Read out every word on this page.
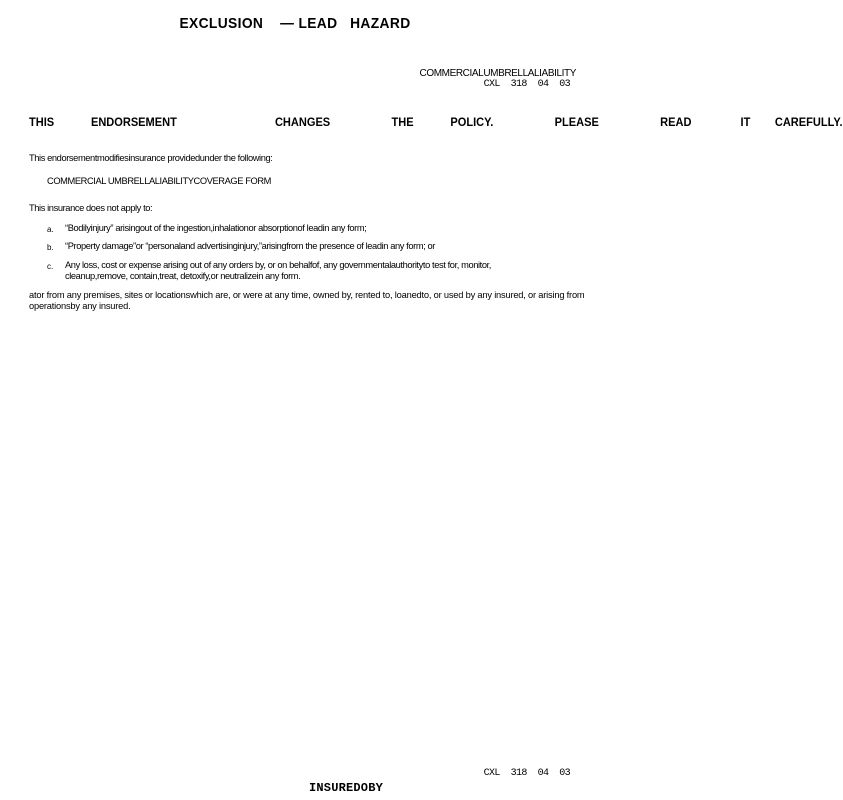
EXCLUSION    — LEAD   HAZARD
COMMERCIALUMBRELLALIABILITY
CXL  318  04  03
THIS   ENDORSEMENT        CHANGES     THE   POLICY.     PLEASE     READ    IT  CAREFULLY.
This endorsementmodifiesinsurance providedunder the following:
COMMERCIAL UMBRELLALIABILITYCOVERAGE FORM
This insurance does not apply to:
a. “Bodilyinjury” arisingout of the ingestion,inhalationor absorptionof leadin any form;
b. “Property damage”or “personaland advertisinginjury,”arisingfrom the presence of leadin any form; or
c. Any loss, cost or expense arising out of any orders by, or on behalfof, any governmentalauthorityto test for, monitor,
cleanup,remove, contain,treat, detoxify,or neutralizein any form.
ator from any premises, sites or locationswhich are, or were at any time, owned by, rented to, loanedto, or used by any insured, or arising from operationsby any insured.
CXL  318  04  03
INSUREDOBY
